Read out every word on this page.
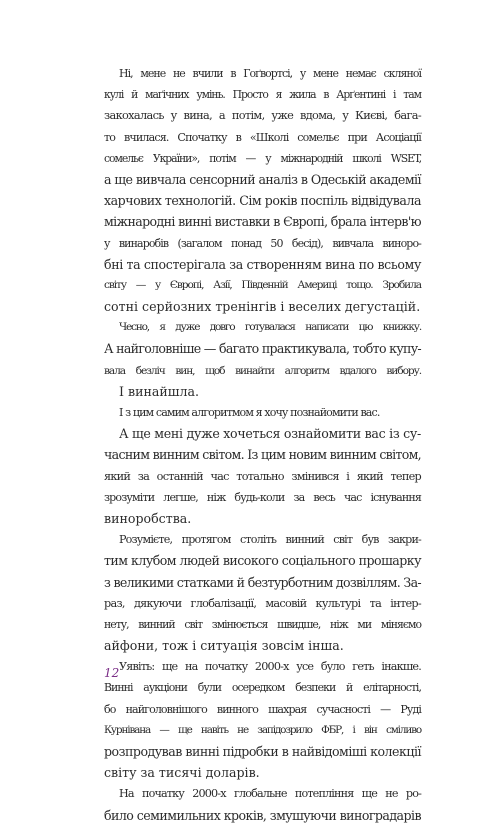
Ні, мене не вчили в Гоґвортсі, у мене немає скляної
кулі й маґічних умінь. Просто я жила в Арґентині і там
закохалась у вина, а потім, уже вдома, у Києві, бага-
то вчилася. Спочатку в «Школі сомельє при Асоціації
сомельє України», потім — у міжнародній школі WSET,
а ще вивчала сенсорний аналіз в Одеській академії
харчових технологій. Сім років поспіль відвідувала
міжнародні винні виставки в Європі, брала інтерв'ю
у винаробів (загалом понад 50 бесід), вивчала виноро-
бні та спостерігала за створенням вина по всьому
світу — у Європі, Азії, Південній Америці тощо. Зробила
сотні серйозних тренінгів і веселих дегустацій.
Чесно, я дуже довго готувалася написати цю книжку.
А найголовніше — багато практикувала, тобто купу-
вала безліч вин, щоб винайти алгоритм вдалого вибору.
І винайшла.
І з цим самим алгоритмом я хочу познайомити вас.
А ще мені дуже хочеться ознайомити вас із су-
часним винним світом. Із цим новим винним світом,
який за останній час тотально змінився і який тепер
зрозуміти легше, ніж будь-коли за весь час існування
виноробства.
Розумієте, протягом століть винний світ був закри-
тим клубом людей високого соціального прошарку
з великими статками й безтурботним дозвіллям. За-
раз, дякуючи глобалізації, масовій культурі та інтер-
нету, винний світ змінюється швидше, ніж ми міняємо
айфони, тож і ситуація зовсім інша.
Уявіть: ще на початку 2000-х усе було геть інакше.
Винні аукціони були осередком безпеки й елітарності,
бо найголовнішого винного шахрая сучасності — Руді
Курнівана — ще навіть не запідозрило ФБР, і він сміливо
розпродував винні підробки в найвідоміші колекції
світу за тисячі доларів.
На початку 2000-х глобальне потепління ще не ро-
било семимильних кроків, змушуючи виноградарів
12
